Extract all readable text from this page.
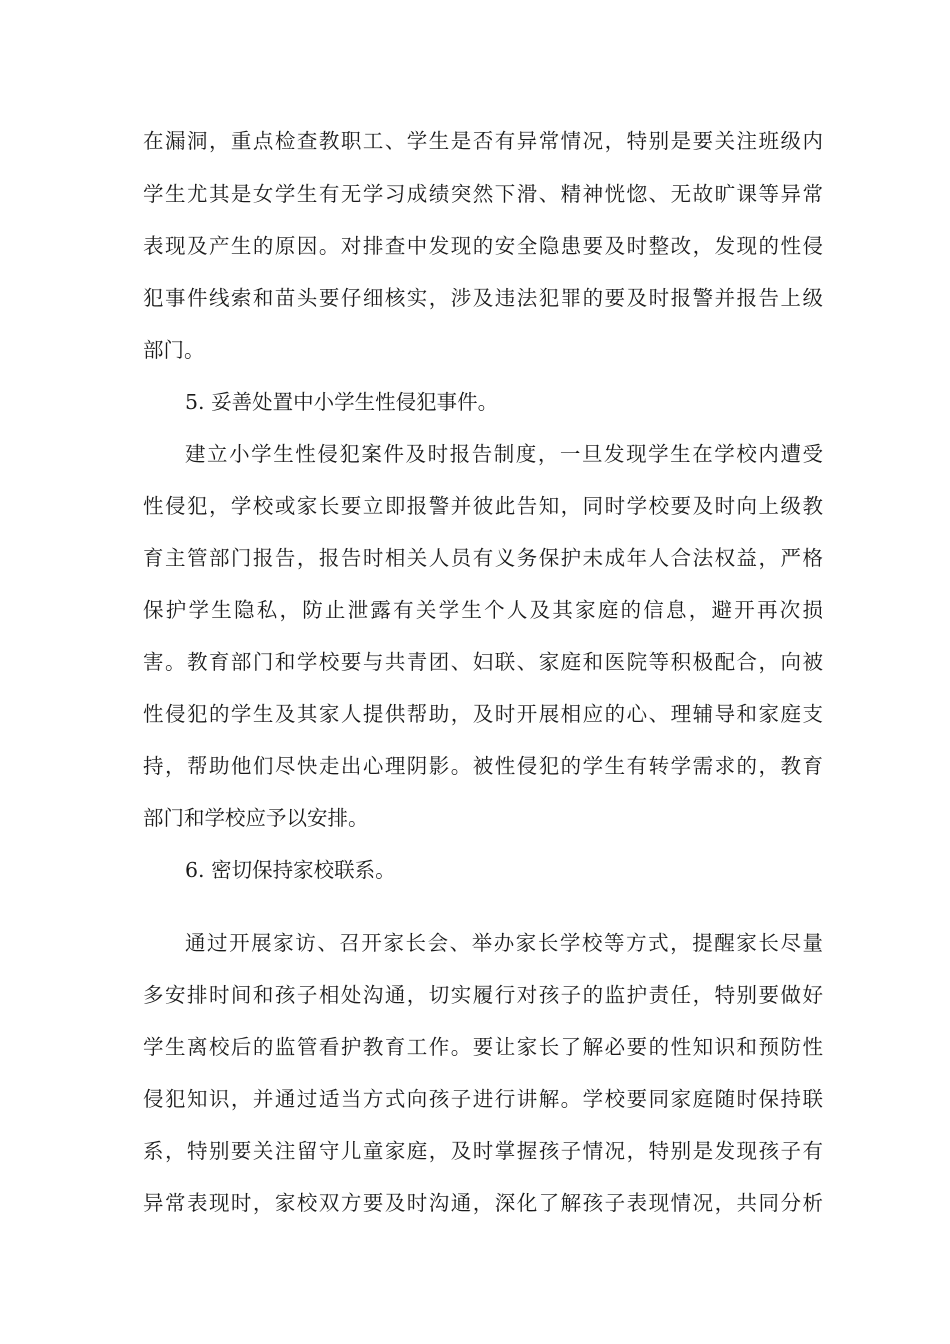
在漏洞，重点检查教职工、学生是否有异常情况，特别是要关注班级内
学生尤其是女学生有无学习成绩突然下滑、精神恍惚、无故旷课等异常
表现及产生的原因。对排查中发现的安全隐患要及时整改，发现的性侵
犯事件线索和苗头要仔细核实，涉及违法犯罪的要及时报警并报告上级
部门。
5. 妥善处置中小学生性侵犯事件。
建立小学生性侵犯案件及时报告制度，一旦发现学生在学校内遭受
性侵犯，学校或家长要立即报警并彼此告知，同时学校要及时向上级教
育主管部门报告，报告时相关人员有义务保护未成年人合法权益，严格
保护学生隐私，防止泄露有关学生个人及其家庭的信息，避开再次损
害。教育部门和学校要与共青团、妇联、家庭和医院等积极配合，向被
性侵犯的学生及其家人提供帮助，及时开展相应的心、理辅导和家庭支
持，帮助他们尽快走出心理阴影。被性侵犯的学生有转学需求的，教育
部门和学校应予以安排。
6. 密切保持家校联系。
通过开展家访、召开家长会、举办家长学校等方式，提醒家长尽量
多安排时间和孩子相处沟通，切实履行对孩子的监护责任，特别要做好
学生离校后的监管看护教育工作。要让家长了解必要的性知识和预防性
侵犯知识，并通过适当方式向孩子进行讲解。学校要同家庭随时保持联
系，特别要关注留守儿童家庭，及时掌握孩子情况，特别是发现孩子有
异常表现时，家校双方要及时沟通，深化了解孩子表现情况，共同分析
